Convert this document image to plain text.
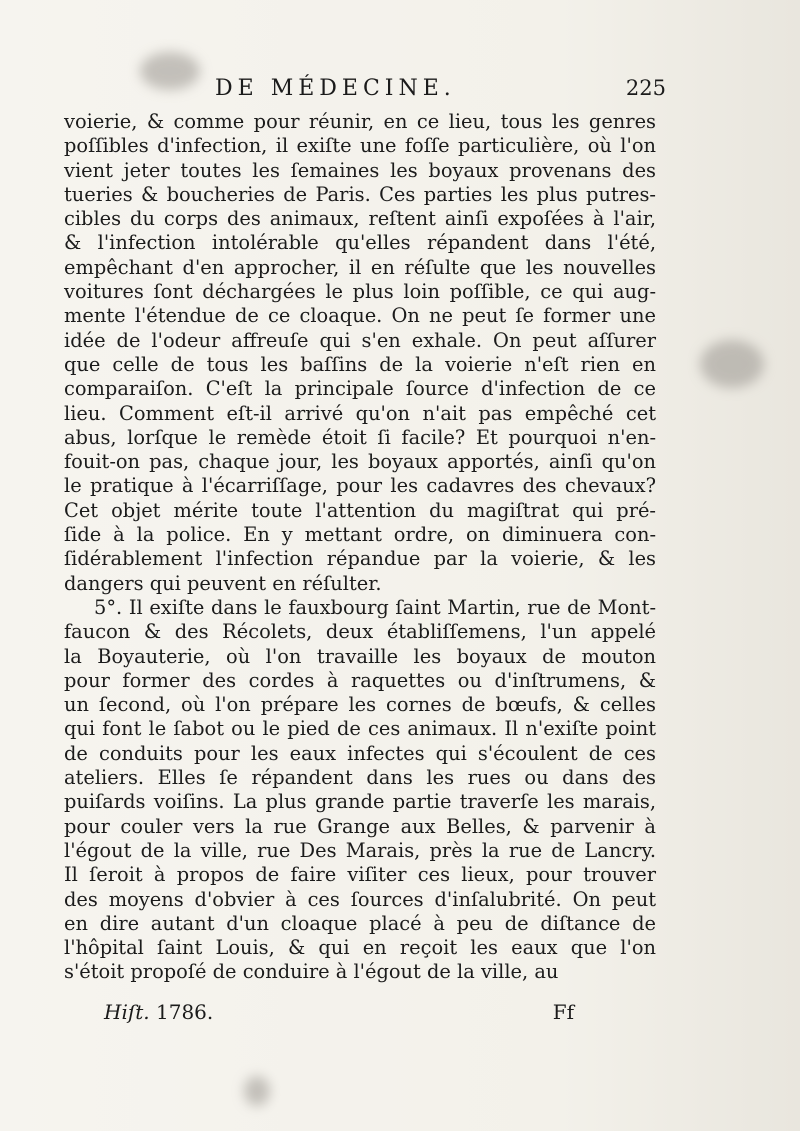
DE MÉDECINE.	225
voierie, & comme pour réunir, en ce lieu, tous les genres
poſſibles d'infection, il exiſte une foſſe particulière, où l'on
vient jeter toutes les ſemaines les boyaux provenans des
tueries & boucheries de Paris. Ces parties les plus putres-
cibles du corps des animaux, reſtent ainſi expoſées à l'air,
& l'infection intolérable qu'elles répandent dans l'été,
empêchant d'en approcher, il en réſulte que les nouvelles
voitures ſont déchargées le plus loin poſſible, ce qui aug-
mente l'étendue de ce cloaque. On ne peut ſe former une
idée de l'odeur affreuſe qui s'en exhale. On peut aſſurer
que celle de tous les baſſins de la voierie n'eſt rien en
comparaiſon. C'eſt la principale ſource d'infection de ce
lieu. Comment eſt-il arrivé qu'on n'ait pas empêché cet
abus, lorſque le remède étoit ſi facile? Et pourquoi n'en-
fouit-on pas, chaque jour, les boyaux apportés, ainſi qu'on
le pratique à l'écarriſſage, pour les cadavres des chevaux?
Cet objet mérite toute l'attention du magiſtrat qui pré-
ſide à la police. En y mettant ordre, on diminuera con-
ſidérablement l'infection répandue par la voierie, & les
dangers qui peuvent en réſulter.
5°. Il exiſte dans le fauxbourg ſaint Martin, rue de Mont-
faucon & des Récolets, deux établiſſemens, l'un appelé
la Boyauterie, où l'on travaille les boyaux de mouton
pour former des cordes à raquettes ou d'inſtrumens, &
un ſecond, où l'on prépare les cornes de bœufs, & celles
qui font le ſabot ou le pied de ces animaux. Il n'exiſte point
de conduits pour les eaux infectes qui s'écoulent de ces
ateliers. Elles ſe répandent dans les rues ou dans des
puiſards voiſins. La plus grande partie traverſe les marais,
pour couler vers la rue Grange aux Belles, & parvenir à
l'égout de la ville, rue Des Marais, près la rue de Lancry.
Il ſeroit à propos de faire viſiter ces lieux, pour trouver
des moyens d'obvier à ces ſources d'inſalubrité. On peut
en dire autant d'un cloaque placé à peu de diſtance de
l'hôpital ſaint Louis, & qui en reçoit les eaux que l'on
s'étoit propoſé de conduire à l'égout de la ville, au
Hiſt. 1786.	Ff
